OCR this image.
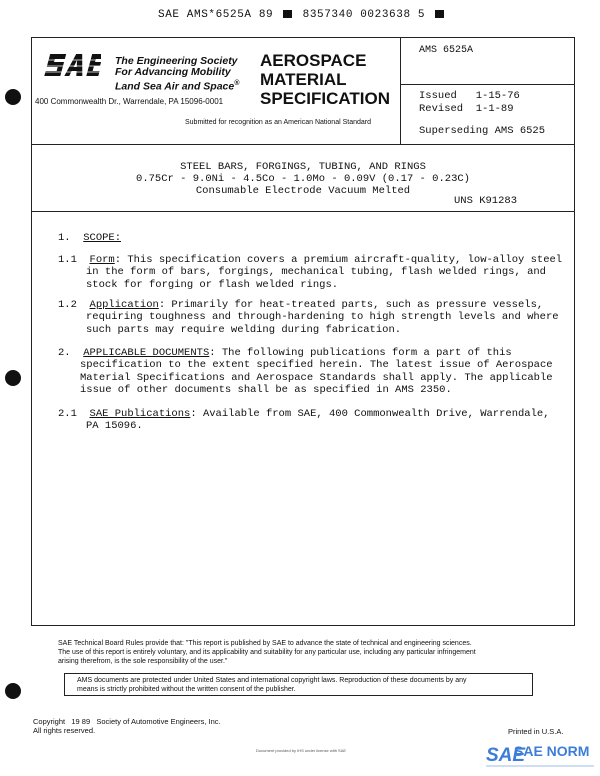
SAE AMS*6525A 89	8357340 0023638 5
The Engineering Society
For Advancing Mobility
Land Sea Air and Space®
400 Commonwealth Dr., Warrendale, PA 15096-0001
AEROSPACE
MATERIAL
SPECIFICATION
Submitted for recognition as an American National Standard
AMS 6525A
Issued 1-15-76
Revised 1-1-89
Superseding AMS 6525
STEEL BARS, FORGINGS, TUBING, AND RINGS
0.75Cr - 9.0Ni - 4.5Co - 1.0Mo - 0.09V (0.17 - 0.23C)
Consumable Electrode Vacuum Melted
UNS K91283
1. SCOPE:
1.1 Form: This specification covers a premium aircraft-quality, low-alloy steel
in the form of bars, forgings, mechanical tubing, flash welded rings, and
stock for forging or flash welded rings.
1.2 Application: Primarily for heat-treated parts, such as pressure vessels,
requiring toughness and through-hardening to high strength levels and where
such parts may require welding during fabrication.
2. APPLICABLE DOCUMENTS: The following publications form a part of this
specification to the extent specified herein. The latest issue of Aerospace
Material Specifications and Aerospace Standards shall apply. The applicable
issue of other documents shall be as specified in AMS 2350.
2.1 SAE Publications: Available from SAE, 400 Commonwealth Drive, Warrendale,
PA 15096.
SAE Technical Board Rules provide that: "This report is published by SAE to advance the state of technical and engineering sciences.
The use of this report is entirely voluntary, and its applicability and suitability for any particular use, including any particular infringement
arising therefrom, is the sole responsibility of the user."

AMS documents are protected under United States and international copyright laws. Reproduction of these documents by any
means is strictly prohibited without the written consent of the publisher.

Copyright   19 89   Society of Automotive Engineers, Inc.
All rights reserved.	Printed in U.S.A.
Document provided by IHS under license with SAE	SAE
SAE NORM
